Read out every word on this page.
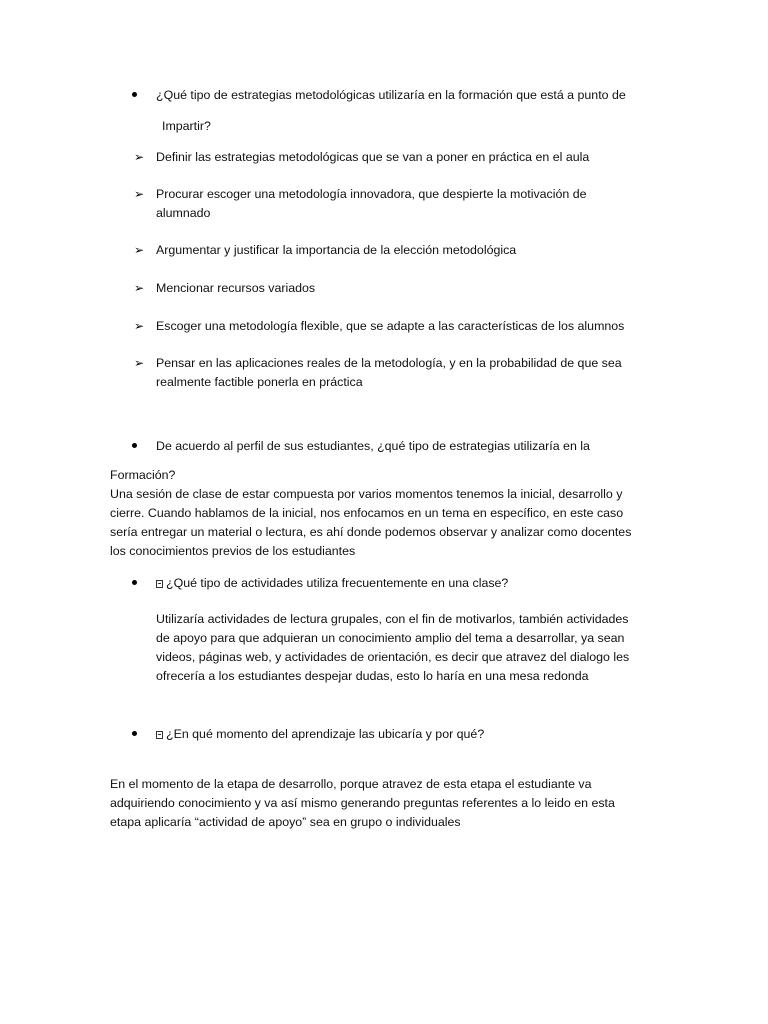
¿Qué tipo de estrategias metodológicas utilizaría en la formación que está a punto de
Impartir?
➢ Definir las estrategias metodológicas que se van a poner en práctica en el aula
➢ Procurar escoger una metodología innovadora, que despierte la motivación de
alumnado
➢ Argumentar y justificar la importancia de la elección metodológica
➢ Mencionar recursos variados
➢ Escoger una metodología flexible, que se adapte a las características de los alumnos
➢ Pensar en las aplicaciones reales de la metodología, y en la probabilidad de que sea
realmente factible ponerla en práctica
De acuerdo al perfil de sus estudiantes, ¿qué tipo de estrategias utilizaría en la
Formación?
Una sesión de clase de estar compuesta por varios momentos tenemos la inicial, desarrollo y
cierre. Cuando hablamos de la inicial, nos enfocamos en un tema en específico, en este caso
sería entregar un material o lectura, es ahí donde podemos observar y analizar como docentes
los conocimientos previos de los estudiantes
¿Qué tipo de actividades utiliza frecuentemente en una clase?
Utilizaría actividades de lectura grupales, con el fin de motivarlos, también actividades
de apoyo para que adquieran un conocimiento amplio del tema a desarrollar, ya sean
videos, páginas web, y actividades de orientación, es decir que atravez del dialogo les
ofrecería a los estudiantes despejar dudas, esto lo haría en una mesa redonda
¿En qué momento del aprendizaje las ubicaría y por qué?
En el momento de la etapa de desarrollo, porque atravez de esta etapa el estudiante va
adquiriendo conocimiento y va así mismo generando preguntas referentes a lo leido en esta
etapa aplicaría “actividad de apoyo” sea en grupo o individuales
